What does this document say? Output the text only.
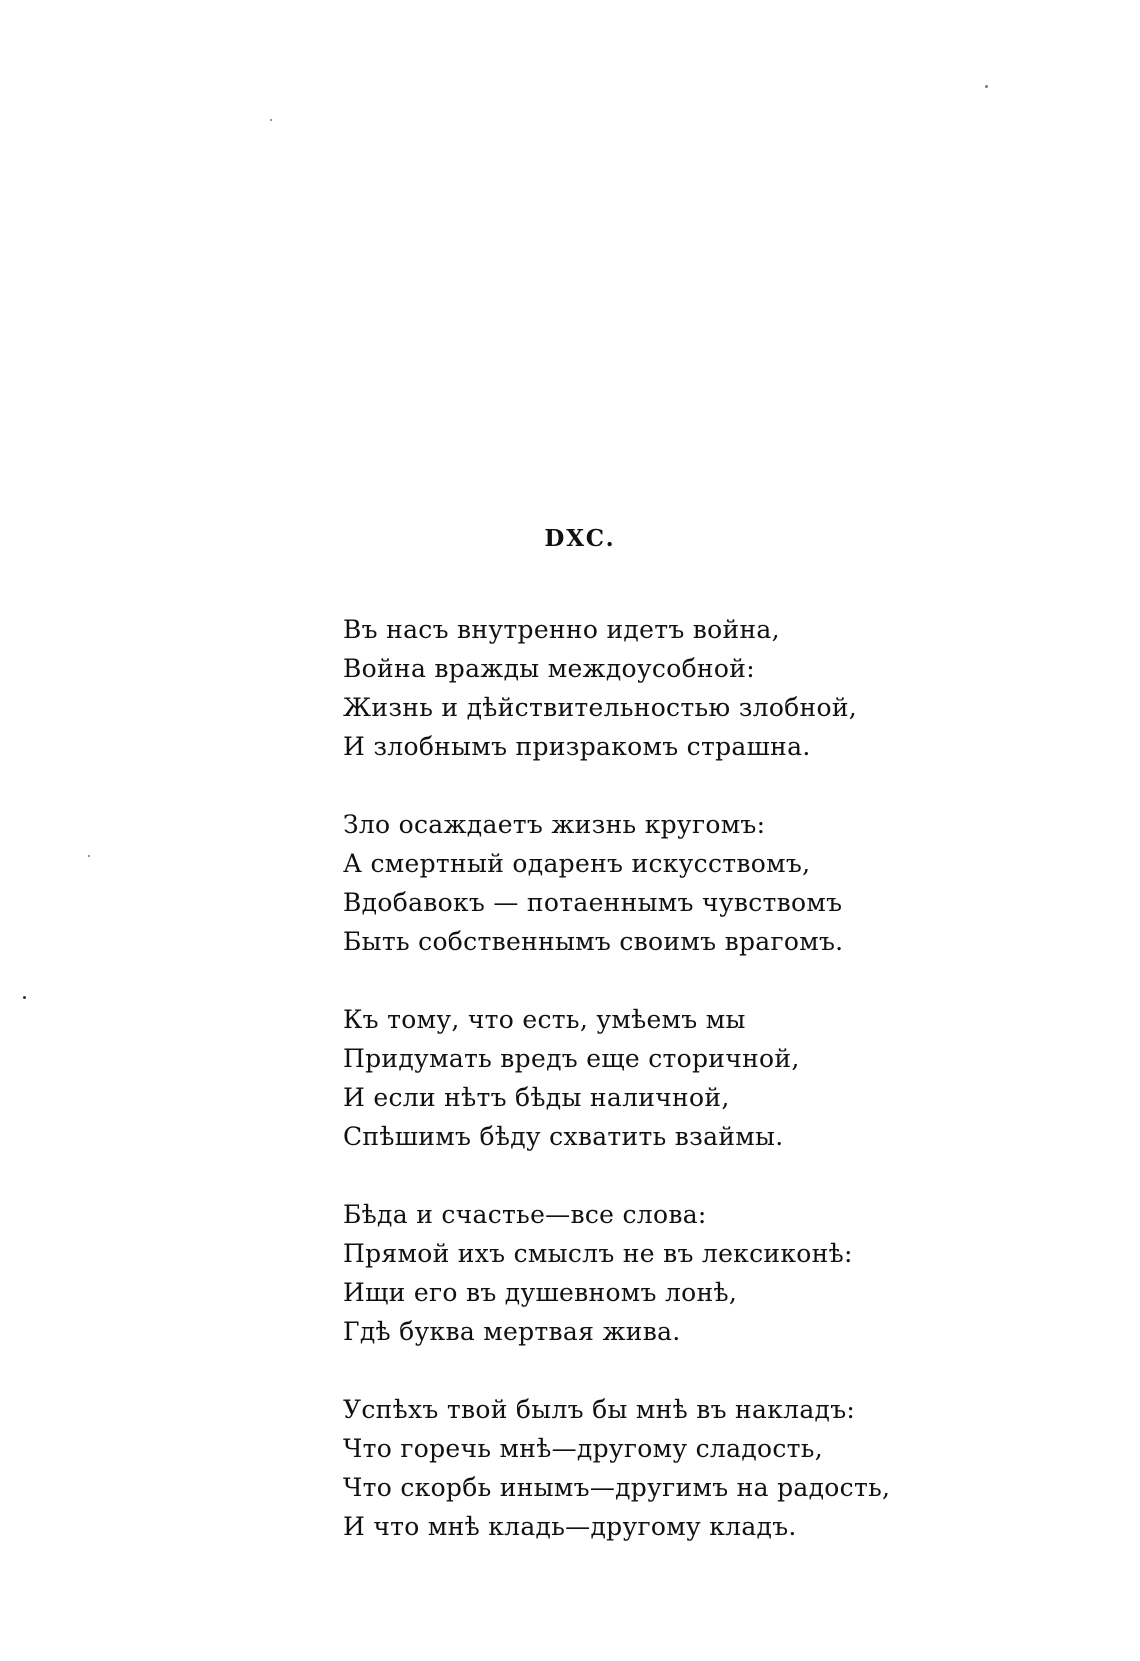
DXC.
Въ насъ внутренно идетъ война,
Война вражды междоусобной:
Жизнь и дѣйствительностью злобной,
И злобнымъ призракомъ страшна.
Зло осаждаетъ жизнь кругомъ:
А смертный одаренъ искусствомъ,
Вдобавокъ — потаеннымъ чувствомъ
Быть собственнымъ своимъ врагомъ.
Къ тому, что есть, умѣемъ мы
Придумать вредъ еще сторичной,
И если нѣтъ бѣды наличной,
Спѣшимъ бѣду схватить взаймы.
Бѣда и счастье—все слова:
Прямой ихъ смыслъ не въ лексиконѣ:
Ищи его въ душевномъ лонѣ,
Гдѣ буква мертвая жива.
Успѣхъ твой былъ бы мнѣ въ накладъ:
Что горечь мнѣ—другому сладость,
Что скорбь инымъ—другимъ на радость,
И что мнѣ кладь—другому кладъ.
